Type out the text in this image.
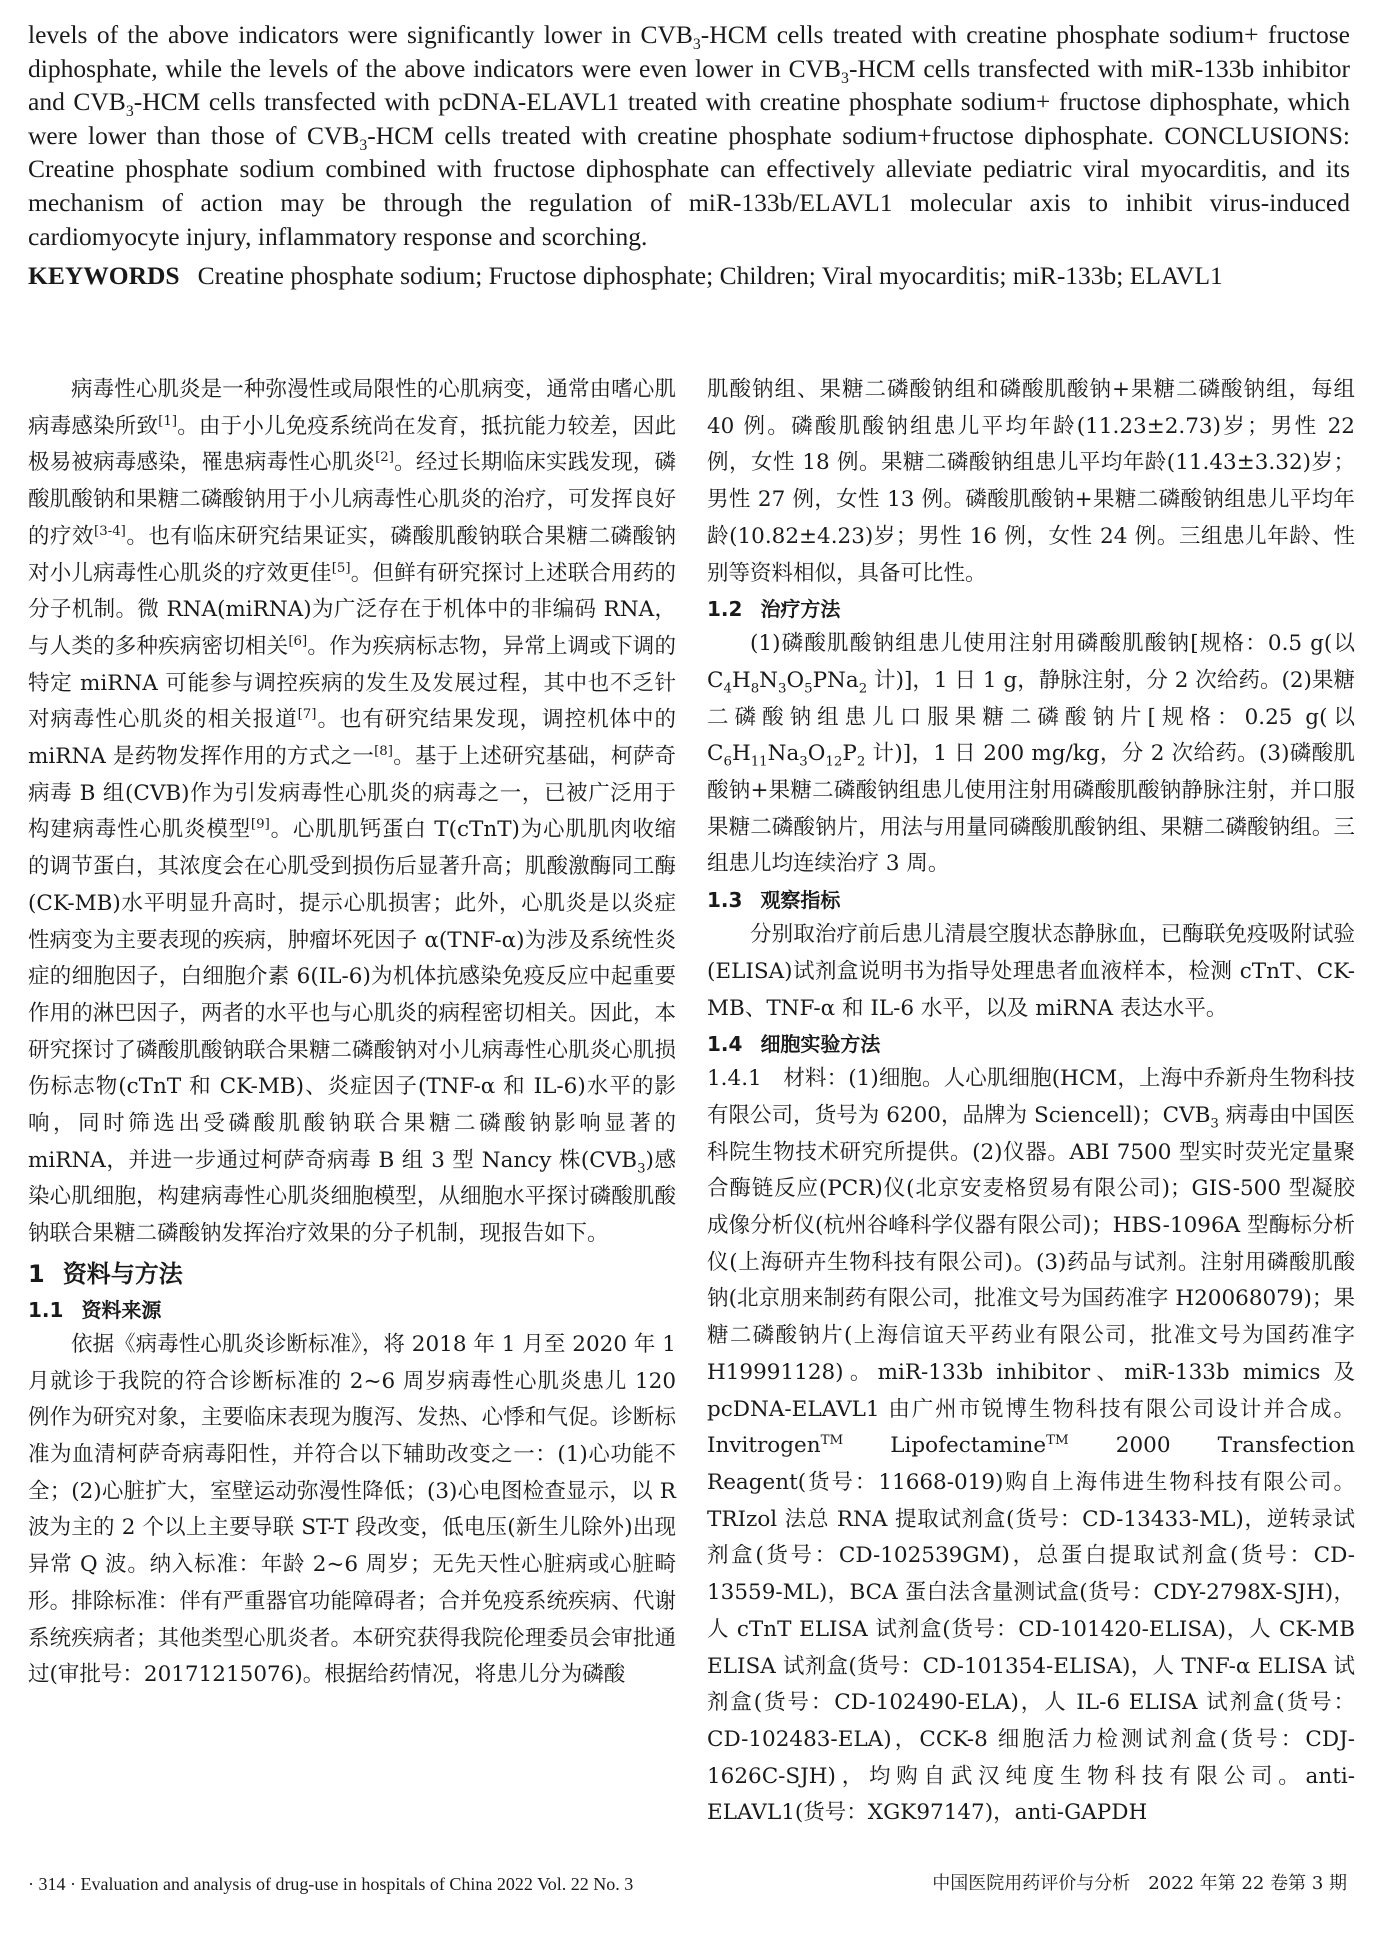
levels of the above indicators were significantly lower in $CVB_3$-HCM cells treated with creatine phosphate sodium+ fructose diphosphate, while the levels of the above indicators were even lower in $CVB_3$-HCM cells transfected with miR-133b inhibitor and $CVB_3$-HCM cells transfected with pcDNA-ELAVL1 treated with creatine phosphate sodium+ fructose diphosphate, which were lower than those of $CVB_3$-HCM cells treated with creatine phosphate sodium+fructose diphosphate. CONCLUSIONS: Creatine phosphate sodium combined with fructose diphosphate can effectively alleviate pediatric viral myocarditis, and its mechanism of action may be through the regulation of miR-133b/ELAVL1 molecular axis to inhibit virus-induced cardiomyocyte injury, inflammatory response and scorching.

KEYWORDS Creatine phosphate sodium; Fructose diphosphate; Children; Viral myocarditis; miR-133b; ELAVL1

病毒性心肌炎是一种弥漫性或局限性的心肌病变，通常由嗜心肌病毒感染所致[1]。由于小儿免疫系统尚在发育，抵抗能力较差，因此极易被病毒感染，罹患病毒性心肌炎[2]。经过长期临床实践发现，磷酸肌酸钠和果糖二磷酸钠用于小儿病毒性心肌炎的治疗，可发挥良好的疗效[3-4]。也有临床研究结果证实，磷酸肌酸钠联合果糖二磷酸钠对小儿病毒性心肌炎的疗效更佳[5]。但鲜有研究探讨上述联合用药的分子机制。微 RNA(miRNA)为广泛存在于机体中的非编码 RNA，与人类的多种疾病密切相关[6]。作为疾病标志物，异常上调或下调的特定 miRNA 可能参与调控疾病的发生及发展过程，其中也不乏针对病毒性心肌炎的相关报道[7]。也有研究结果发现，调控机体中的 miRNA 是药物发挥作用的方式之一[8]。基于上述研究基础，柯萨奇病毒 B 组(CVB)作为引发病毒性心肌炎的病毒之一，已被广泛用于构建病毒性心肌炎模型[9]。心肌肌钙蛋白 T(cTnT)为心肌肌肉收缩的调节蛋白，其浓度会在心肌受到损伤后显著升高；肌酸激酶同工酶(CK-MB)水平明显升高时，提示心肌损害；此外，心肌炎是以炎症性病变为主要表现的疾病，肿瘤坏死因子 α(TNF-α)为涉及系统性炎症的细胞因子，白细胞介素 6(IL-6)为机体抗感染免疫反应中起重要作用的淋巴因子，两者的水平也与心肌炎的病程密切相关。因此，本研究探讨了磷酸肌酸钠联合果糖二磷酸钠对小儿病毒性心肌炎心肌损伤标志物(cTnT 和 CK-MB)、炎症因子(TNF-α 和 IL-6)水平的影响，同时筛选出受磷酸肌酸钠联合果糖二磷酸钠影响显著的 miRNA，并进一步通过柯萨奇病毒 B 组 3 型 Nancy 株$(CVB_3)$感染心肌细胞，构建病毒性心肌炎细胞模型，从细胞水平探讨磷酸肌酸钠联合果糖二磷酸钠发挥治疗效果的分子机制，现报告如下。

1 资料与方法

1.1 资料来源

依据《病毒性心肌炎诊断标准》，将 2018 年 1 月至 2020 年 1 月就诊于我院的符合诊断标准的 2~6 周岁病毒性心肌炎患儿 120 例作为研究对象，主要临床表现为腹泻、发热、心悸和气促。诊断标准为血清柯萨奇病毒阳性，并符合以下辅助改变之一：(1)心功能不全；(2)心脏扩大，室壁运动弥漫性降低；(3)心电图检查显示，以 R 波为主的 2 个以上主要导联 ST-T 段改变，低电压(新生儿除外)出现异常 Q 波。纳入标准：年龄 2~6 周岁；无先天性心脏病或心脏畸形。排除标准：伴有严重器官功能障碍者；合并免疫系统疾病、代谢系统疾病者；其他类型心肌炎者。本研究获得我院伦理委员会审批通过(审批号：20171215076)。根据给药情况，将患儿分为磷酸

肌酸钠组、果糖二磷酸钠组和磷酸肌酸钠+果糖二磷酸钠组，每组 40 例。磷酸肌酸钠组患儿平均年龄(11.23±2.73)岁；男性 22 例，女性 18 例。果糖二磷酸钠组患儿平均年龄(11.43±3.32)岁；男性 27 例，女性 13 例。磷酸肌酸钠+果糖二磷酸钠组患儿平均年龄(10.82±4.23)岁；男性 16 例，女性 24 例。三组患儿年龄、性别等资料相似，具备可比性。

1.2 治疗方法

(1)磷酸肌酸钠组患儿使用注射用磷酸肌酸钠[规格：0.5 g(以 $C_4H_8N_3O_5PNa_2$ 计)]，1 日 1 g，静脉注射，分 2 次给药。(2)果糖二磷酸钠组患儿口服果糖二磷酸钠片[规格：0.25 g(以 $C_6H_{11}Na_3O_{12}P_2$ 计)]，1 日 200 mg/kg，分 2 次给药。(3)磷酸肌酸钠+果糖二磷酸钠组患儿使用注射用磷酸肌酸钠静脉注射，并口服果糖二磷酸钠片，用法与用量同磷酸肌酸钠组、果糖二磷酸钠组。三组患儿均连续治疗 3 周。

1.3 观察指标

分别取治疗前后患儿清晨空腹状态静脉血，已酶联免疫吸附试验(ELISA)试剂盒说明书为指导处理患者血液样本，检测 cTnT、CK-MB、TNF-α 和 IL-6 水平，以及 miRNA 表达水平。

1.4 细胞实验方法

1.4.1　材料：(1)细胞。人心肌细胞(HCM，上海中乔新舟生物科技有限公司，货号为 6200，品牌为 Sciencell)；$CVB_3$ 病毒由中国医科院生物技术研究所提供。(2)仪器。ABI 7500 型实时荧光定量聚合酶链反应(PCR)仪(北京安麦格贸易有限公司)；GIS-500 型凝胶成像分析仪(杭州谷峰科学仪器有限公司)；HBS-1096A 型酶标分析仪(上海研卉生物科技有限公司)。(3)药品与试剂。注射用磷酸肌酸钠(北京朋来制药有限公司，批准文号为国药准字 H20068079)；果糖二磷酸钠片(上海信谊天平药业有限公司，批准文号为国药准字 H19991128)。miR-133b inhibitor、miR-133b mimics 及 pcDNA-ELAVL1 由广州市锐博生物科技有限公司设计并合成。Invitrogen™ Lipofectamine™ 2000 Transfection Reagent(货号：11668-019)购自上海伟进生物科技有限公司。TRIzol 法总 RNA 提取试剂盒(货号：CD-13433-ML)，逆转录试剂盒(货号：CD-102539GM)，总蛋白提取试剂盒(货号：CD-13559-ML)，BCA 蛋白法含量测试盒(货号：CDY-2798X-SJH)，人 cTnT ELISA 试剂盒(货号：CD-101420-ELISA)，人 CK-MB ELISA 试剂盒(货号：CD-101354-ELISA)，人 TNF-α ELISA 试剂盒(货号：CD-102490-ELA)，人 IL-6 ELISA 试剂盒(货号：CD-102483-ELA)，CCK-8 细胞活力检测试剂盒(货号：CDJ-1626C-SJH)，均购自武汉纯度生物科技有限公司。anti-ELAVL1(货号：XGK97147)，anti-GAPDH

· 314 · Evaluation and analysis of drug-use in hospitals of China 2022 Vol. 22 No. 3	中国医院用药评价与分析　2022 年第 22 卷第 3 期
